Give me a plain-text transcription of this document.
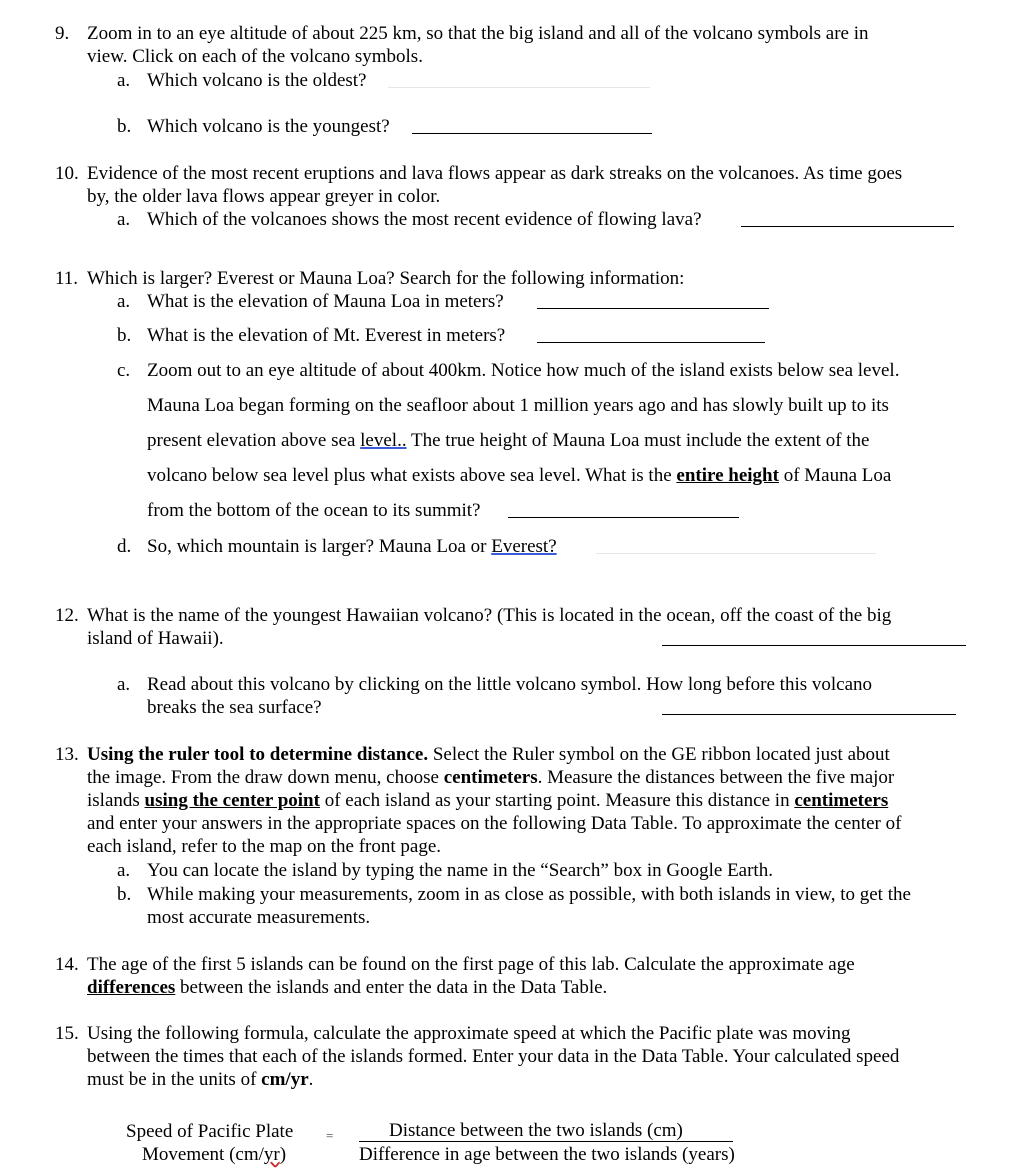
9. Zoom in to an eye altitude of about 225 km, so that the big island and all of the volcano symbols are in
view. Click on each of the volcano symbols.
a. Which volcano is the oldest?
b. Which volcano is the youngest?
10. Evidence of the most recent eruptions and lava flows appear as dark streaks on the volcanoes. As time goes
by, the older lava flows appear greyer in color.
a. Which of the volcanoes shows the most recent evidence of flowing lava?
11. Which is larger? Everest or Mauna Loa? Search for the following information:
a. What is the elevation of Mauna Loa in meters?
b. What is the elevation of Mt. Everest in meters?
c. Zoom out to an eye altitude of about 400km. Notice how much of the island exists below sea level.
Mauna Loa began forming on the seafloor about 1 million years ago and has slowly built up to its
present elevation above sea level.. The true height of Mauna Loa must include the extent of the
volcano below sea level plus what exists above sea level. What is the entire height of Mauna Loa
from the bottom of the ocean to its summit?
d. So, which mountain is larger? Mauna Loa or Everest?
12. What is the name of the youngest Hawaiian volcano? (This is located in the ocean, off the coast of the big
island of Hawaii).
a. Read about this volcano by clicking on the little volcano symbol. How long before this volcano
breaks the sea surface?
13. Using the ruler tool to determine distance. Select the Ruler symbol on the GE ribbon located just about
the image. From the draw down menu, choose centimeters. Measure the distances between the five major
islands using the center point of each island as your starting point. Measure this distance in centimeters
and enter your answers in the appropriate spaces on the following Data Table. To approximate the center of
each island, refer to the map on the front page.
a. You can locate the island by typing the name in the “Search” box in Google Earth.
b. While making your measurements, zoom in as close as possible, with both islands in view, to get the
most accurate measurements.
14. The age of the first 5 islands can be found on the first page of this lab. Calculate the approximate age
differences between the islands and enter the data in the Data Table.
15. Using the following formula, calculate the approximate speed at which the Pacific plate was moving
between the times that each of the islands formed. Enter your data in the Data Table. Your calculated speed
must be in the units of cm/yr.
Speed of Pacific Plate
Movement (cm/yr)
=	Distance between the two islands (cm)
Difference in age between the two islands (years)
